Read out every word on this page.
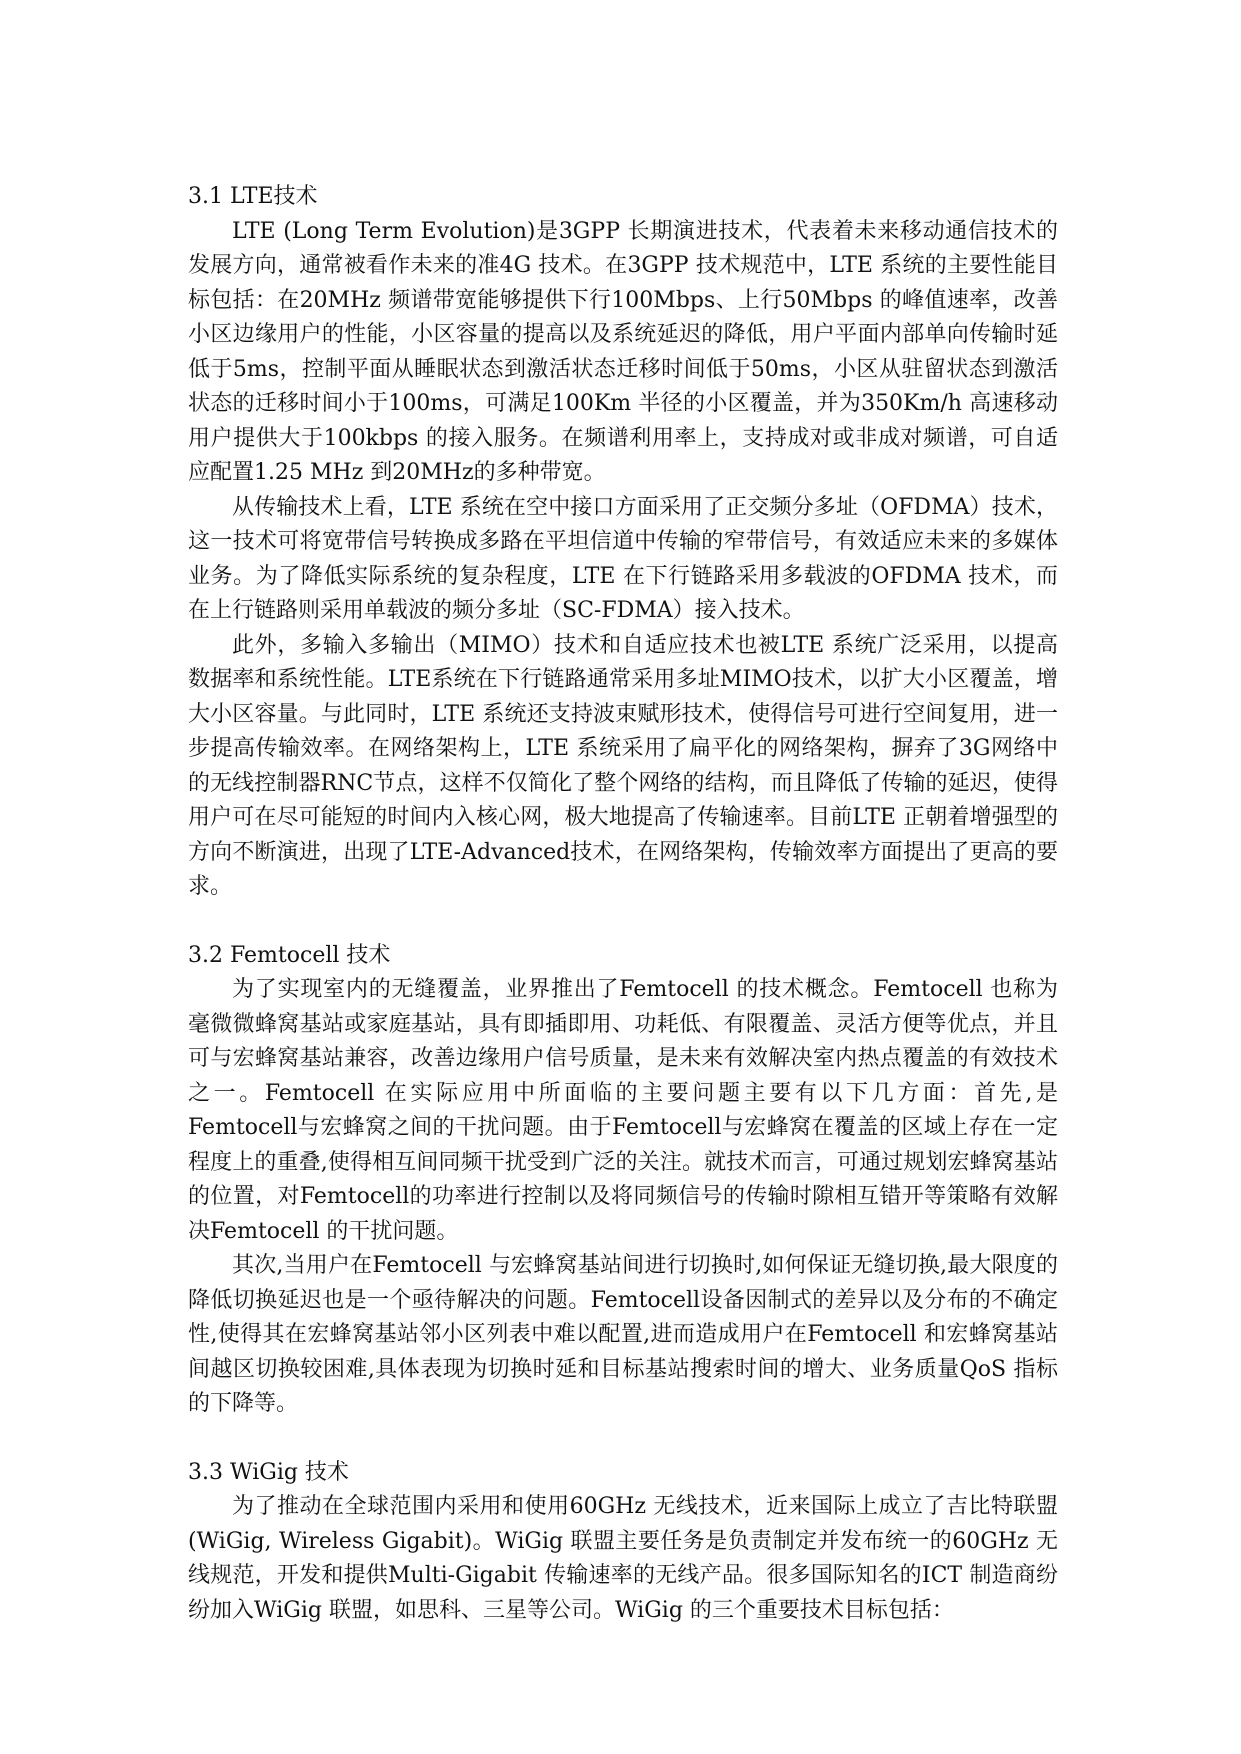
3.1 LTE技术

LTE (Long Term Evolution)是3GPP 长期演进技术，代表着未来移动通信技术的发展方向，通常被看作未来的准4G 技术。在3GPP 技术规范中，LTE 系统的主要性能目标包括：在20MHz 频谱带宽能够提供下行100Mbps、上行50Mbps 的峰值速率，改善小区边缘用户的性能，小区容量的提高以及系统延迟的降低，用户平面内部单向传输时延低于5ms，控制平面从睡眠状态到激活状态迁移时间低于50ms，小区从驻留状态到激活状态的迁移时间小于100ms，可满足100Km 半径的小区覆盖，并为350Km/h 高速移动用户提供大于100kbps 的接入服务。在频谱利用率上，支持成对或非成对频谱，可自适应配置1.25 MHz 到20MHz的多种带宽。

从传输技术上看，LTE 系统在空中接口方面采用了正交频分多址（OFDMA）技术，这一技术可将宽带信号转换成多路在平坦信道中传输的窄带信号，有效适应未来的多媒体业务。为了降低实际系统的复杂程度，LTE 在下行链路采用多载波的OFDMA 技术，而在上行链路则采用单载波的频分多址（SC-FDMA）接入技术。

此外，多输入多输出（MIMO）技术和自适应技术也被LTE 系统广泛采用，以提高数据率和系统性能。LTE系统在下行链路通常采用多址MIMO技术，以扩大小区覆盖，增大小区容量。与此同时，LTE 系统还支持波束赋形技术，使得信号可进行空间复用，进一步提高传输效率。在网络架构上，LTE 系统采用了扁平化的网络架构，摒弃了3G网络中的无线控制器RNC节点，这样不仅简化了整个网络的结构，而且降低了传输的延迟，使得用户可在尽可能短的时间内入核心网，极大地提高了传输速率。目前LTE 正朝着增强型的方向不断演进，出现了LTE-Advanced技术，在网络架构，传输效率方面提出了更高的要求。

3.2 Femtocell 技术

为了实现室内的无缝覆盖，业界推出了Femtocell 的技术概念。Femtocell 也称为毫微微蜂窝基站或家庭基站，具有即插即用、功耗低、有限覆盖、灵活方便等优点，并且可与宏蜂窝基站兼容，改善边缘用户信号质量，是未来有效解决室内热点覆盖的有效技术之一。Femtocell 在实际应用中所面临的主要问题主要有以下几方面：首先,是Femtocell与宏蜂窝之间的干扰问题。由于Femtocell与宏蜂窝在覆盖的区域上存在一定程度上的重叠,使得相互间同频干扰受到广泛的关注。就技术而言，可通过规划宏蜂窝基站的位置，对Femtocell的功率进行控制以及将同频信号的传输时隙相互错开等策略有效解决Femtocell 的干扰问题。

其次,当用户在Femtocell 与宏蜂窝基站间进行切换时,如何保证无缝切换,最大限度的降低切换延迟也是一个亟待解决的问题。Femtocell设备因制式的差异以及分布的不确定性,使得其在宏蜂窝基站邻小区列表中难以配置,进而造成用户在Femtocell 和宏蜂窝基站间越区切换较困难,具体表现为切换时延和目标基站搜索时间的增大、业务质量QoS 指标的下降等。

3.3 WiGig 技术

为了推动在全球范围内采用和使用60GHz 无线技术，近来国际上成立了吉比特联盟(WiGig, Wireless Gigabit)。WiGig 联盟主要任务是负责制定并发布统一的60GHz 无线规范，开发和提供Multi-Gigabit 传输速率的无线产品。很多国际知名的ICT 制造商纷纷加入WiGig 联盟，如思科、三星等公司。WiGig 的三个重要技术目标包括：
